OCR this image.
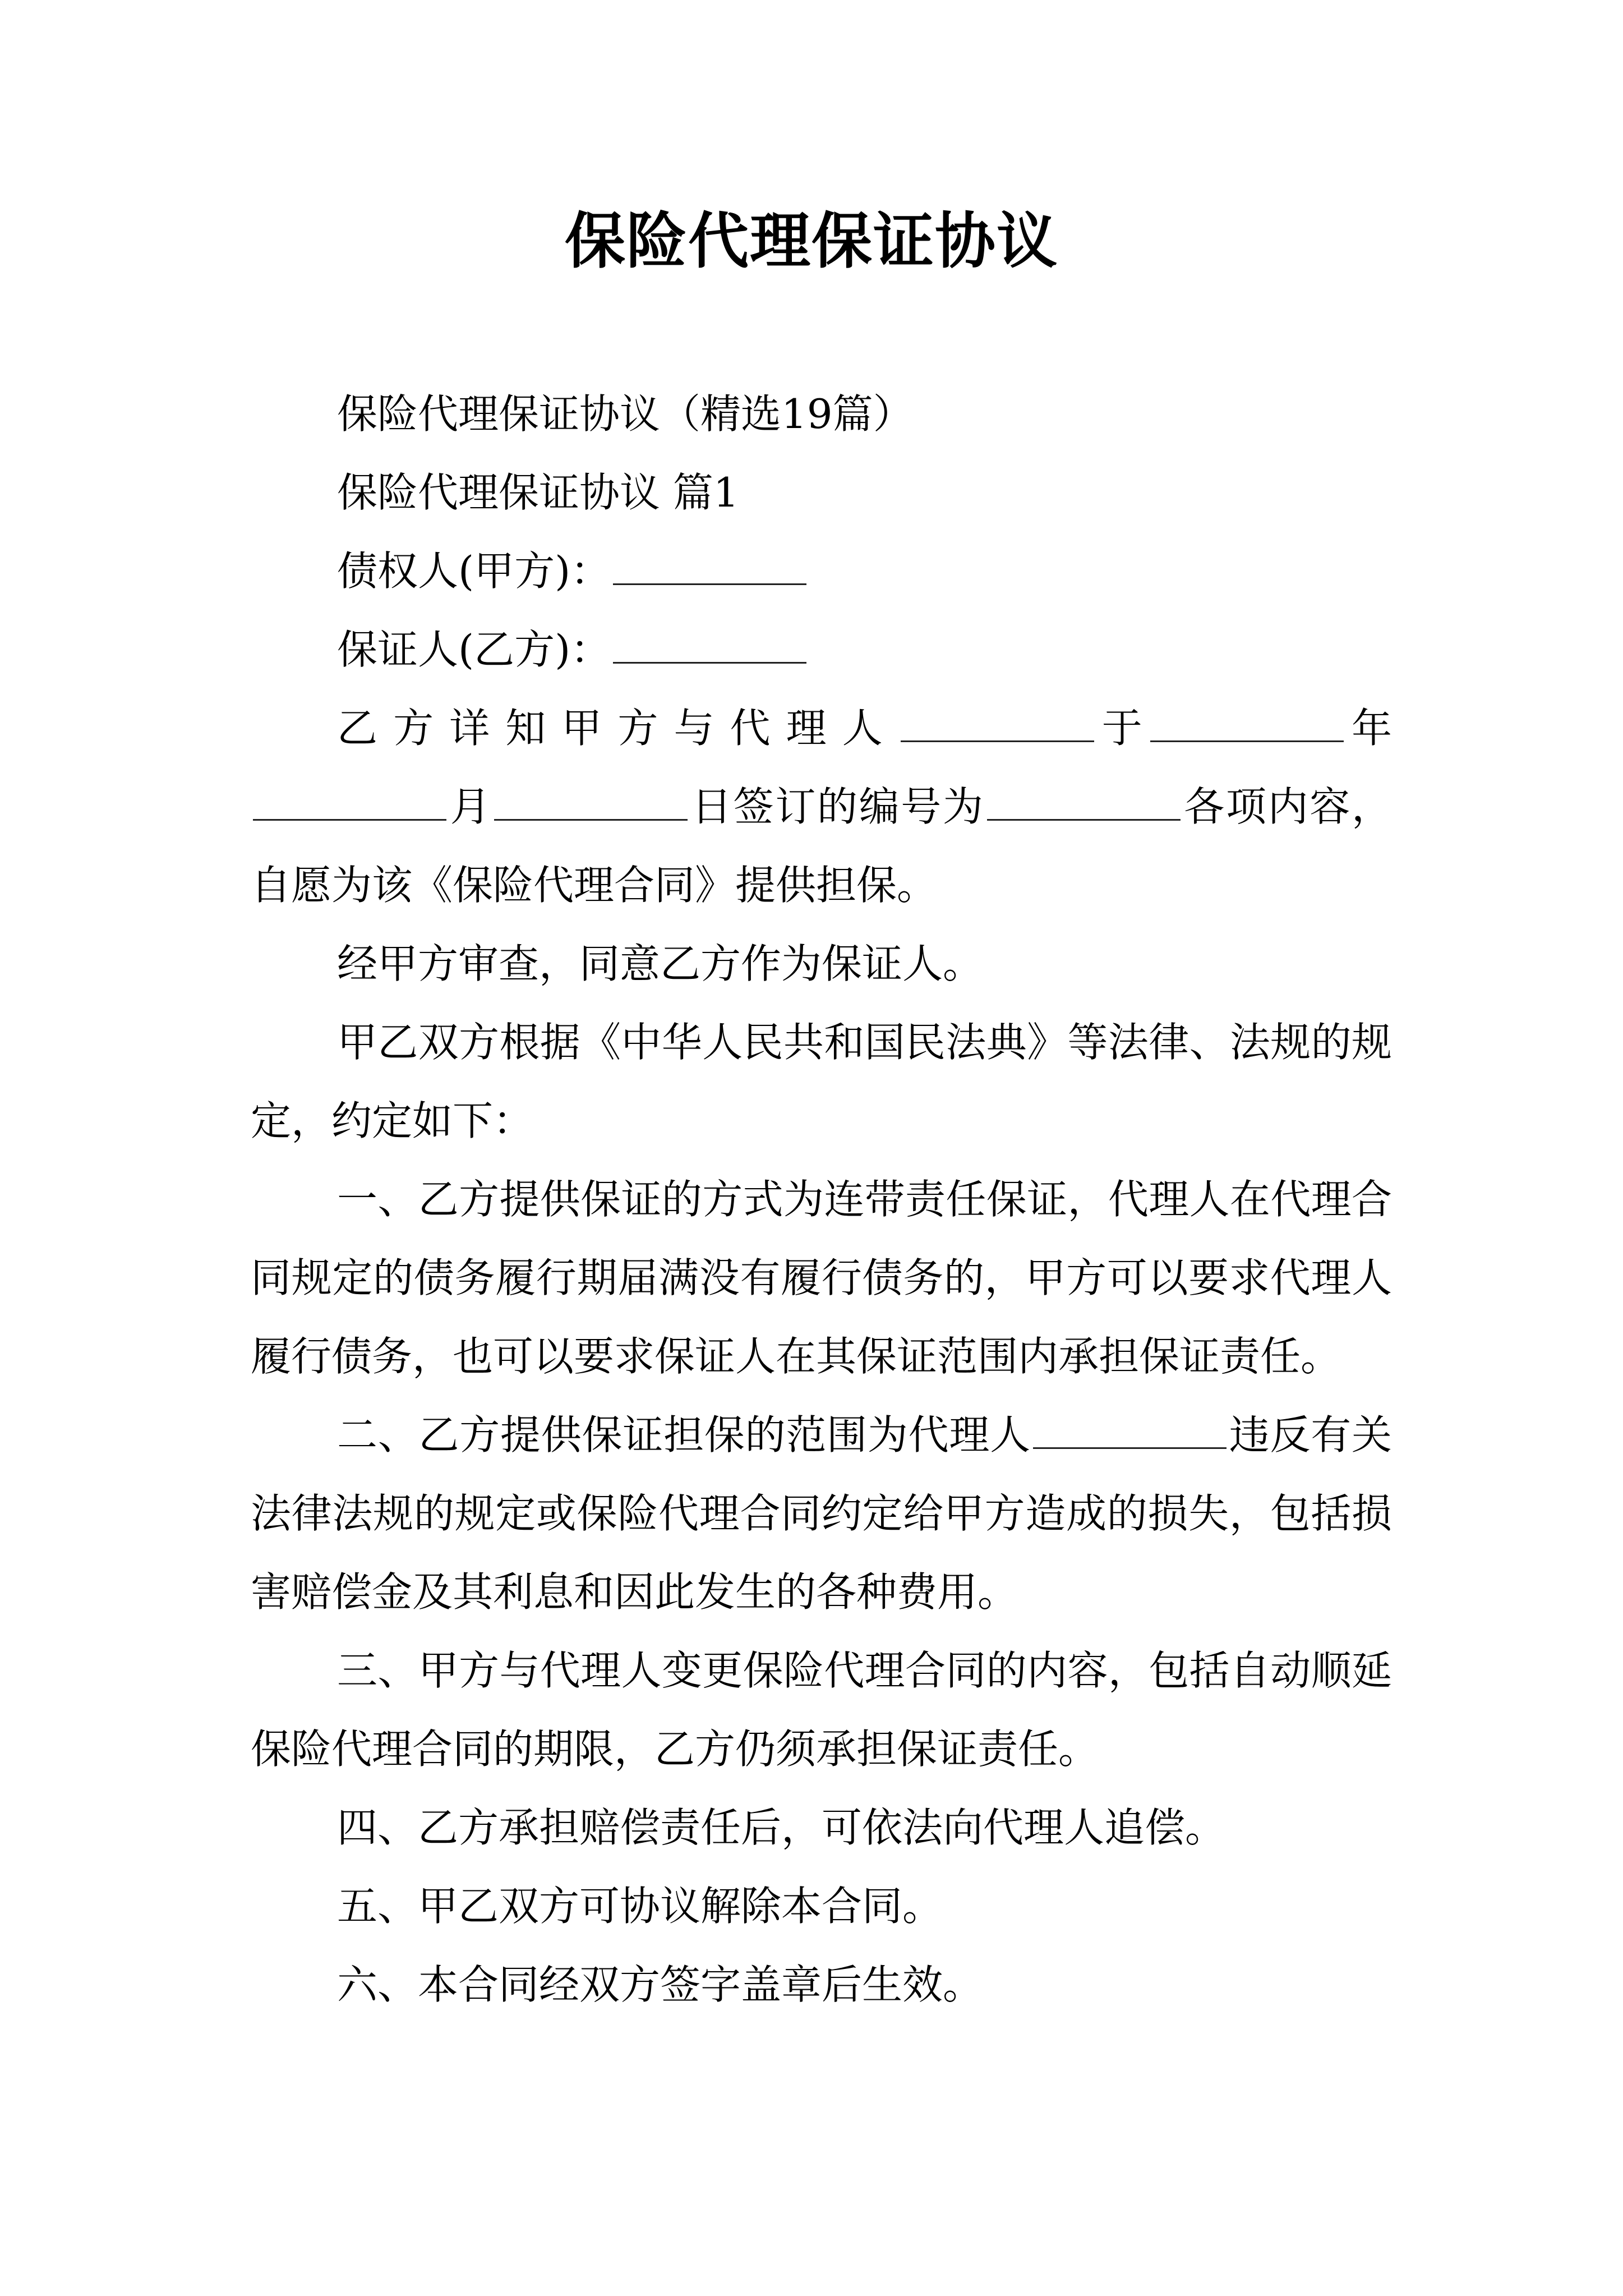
保险代理保证协议

保险代理保证协议（精选19篇）

保险代理保证协议 篇1

债权人(甲方)：

保证人(乙方)：

乙方详知甲方与代理人	于	年月	日签订的编号为	各项内容，自愿为该《保险代理合同》提供担保。

经甲方审查，同意乙方作为保证人。

甲乙双方根据《中华人民共和国民法典》等法律、法规的规定，约定如下：

一、乙方提供保证的方式为连带责任保证，代理人在代理合同规定的债务履行期届满没有履行债务的，甲方可以要求代理人履行债务，也可以要求保证人在其保证范围内承担保证责任。

二、乙方提供保证担保的范围为代理人	违反有关法律法规的规定或保险代理合同约定给甲方造成的损失，包括损害赔偿金及其利息和因此发生的各种费用。

三、甲方与代理人变更保险代理合同的内容，包括自动顺延保险代理合同的期限，乙方仍须承担保证责任。

四、乙方承担赔偿责任后，可依法向代理人追偿。

五、甲乙双方可协议解除本合同。

六、本合同经双方签字盖章后生效。
